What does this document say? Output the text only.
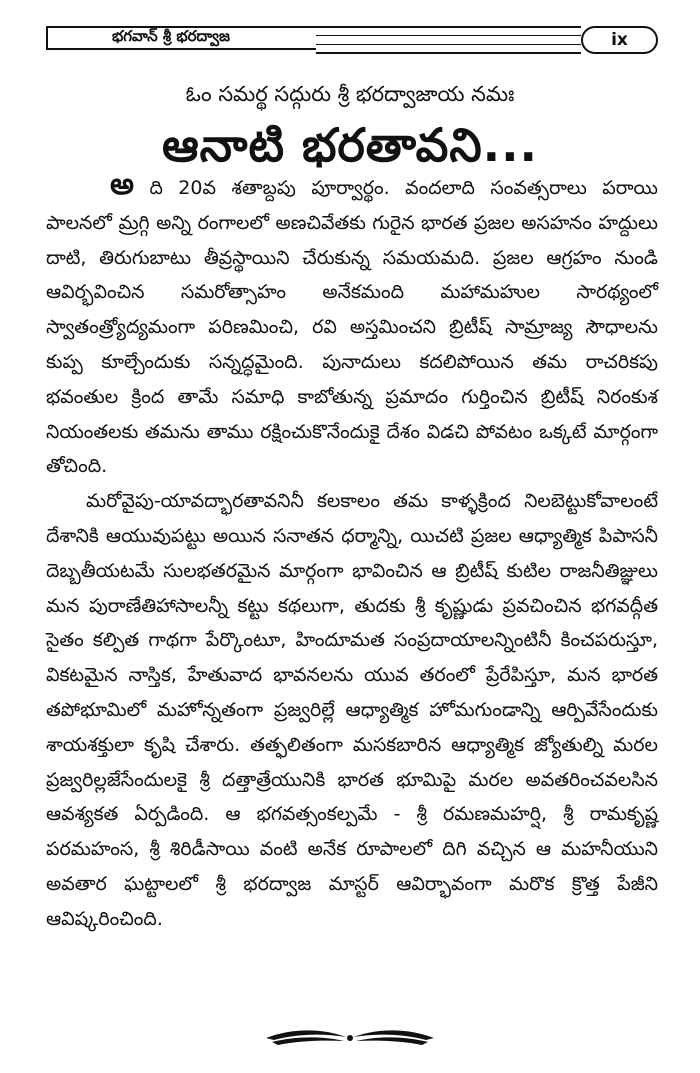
భగవాన్ శ్రీ భరద్వాజ	ix
ఓం సమర్థ సద్గురు శ్రీ భరద్వాజాయ నమః
ఆనాటి భరతావని...

అ ది 20వ శతాబ్దపు పూర్వార్థం. వందలాది సంవత్సరాలు పరాయి పాలనలో మ్రగ్గి అన్ని రంగాలలో అణచివేతకు గురైన భారత ప్రజల అసహనం హద్దులు దాటి, తిరుగుబాటు తీవ్రస్థాయిని చేరుకున్న సమయమది. ప్రజల ఆగ్రహం నుండి ఆవిర్భవించిన సమరోత్సాహం అనేకమంది మహామహుల సారథ్యంలో స్వాతంత్ర్యోద్యమంగా పరిణమించి, రవి అస్తమించని బ్రిటీష్ సామ్రాజ్య సౌధాలను కుప్ప కూల్చేందుకు సన్నద్ధమైంది. పునాదులు కదలిపోయిన తమ రాచరికపు భవంతుల క్రింద తామే సమాధి కాబోతున్న ప్రమాదం గుర్తించిన బ్రిటీష్ నిరంకుశ నియంతలకు తమను తాము రక్షించుకొనేందుకై దేశం విడచి పోవటం ఒక్కటే మార్గంగా తోచింది.

మరోవైపు-యావద్భారతావనినీ కలకాలం తమ కాళ్ళక్రింద నిలబెట్టుకోవాలంటే దేశానికి ఆయువుపట్టు అయిన సనాతన ధర్మాన్ని, యిచటి ప్రజల ఆధ్యాత్మిక పిపాసనీ దెబ్బతీయటమే సులభతరమైన మార్గంగా భావించిన ఆ బ్రిటీష్ కుటిల రాజనీతిజ్ఞులు మన పురాణేతిహాసాలన్నీ కట్టు కథలుగా, తుదకు శ్రీ కృష్ణుడు ప్రవచించిన భగవద్గీత సైతం కల్పిత గాథగా పేర్కొంటూ, హిందూమత సంప్రదాయాలన్నింటినీ కించపరుస్తూ, వికటమైన నాస్తిక, హేతువాద భావనలను యువ తరంలో ప్రేరేపిస్తూ, మన భారత తపోభూమిలో మహోన్నతంగా ప్రజ్వరిల్లే ఆధ్యాత్మిక హోమగుండాన్ని ఆర్పివేసేందుకు శాయశక్తులా కృషి చేశారు. తత్ఫలితంగా మసకబారిన ఆధ్యాత్మిక జ్యోతుల్ని మరల ప్రజ్వరిల్లజేసేందులకై శ్రీ దత్తాత్రేయునికి భారత భూమిపై మరల అవతరించవలసిన ఆవశ్యకత ఏర్పడింది. ఆ భగవత్సంకల్పమే - శ్రీ రమణమహర్షి, శ్రీ రామకృష్ణ పరమహంస, శ్రీ శిరిడీసాయి వంటి అనేక రూపాలలో దిగి వచ్చిన ఆ మహనీయుని అవతార ఘట్టాలలో శ్రీ భరద్వాజ మాస్టర్ ఆవిర్భావంగా మరొక క్రొత్త పేజీని ఆవిష్కరించింది.
